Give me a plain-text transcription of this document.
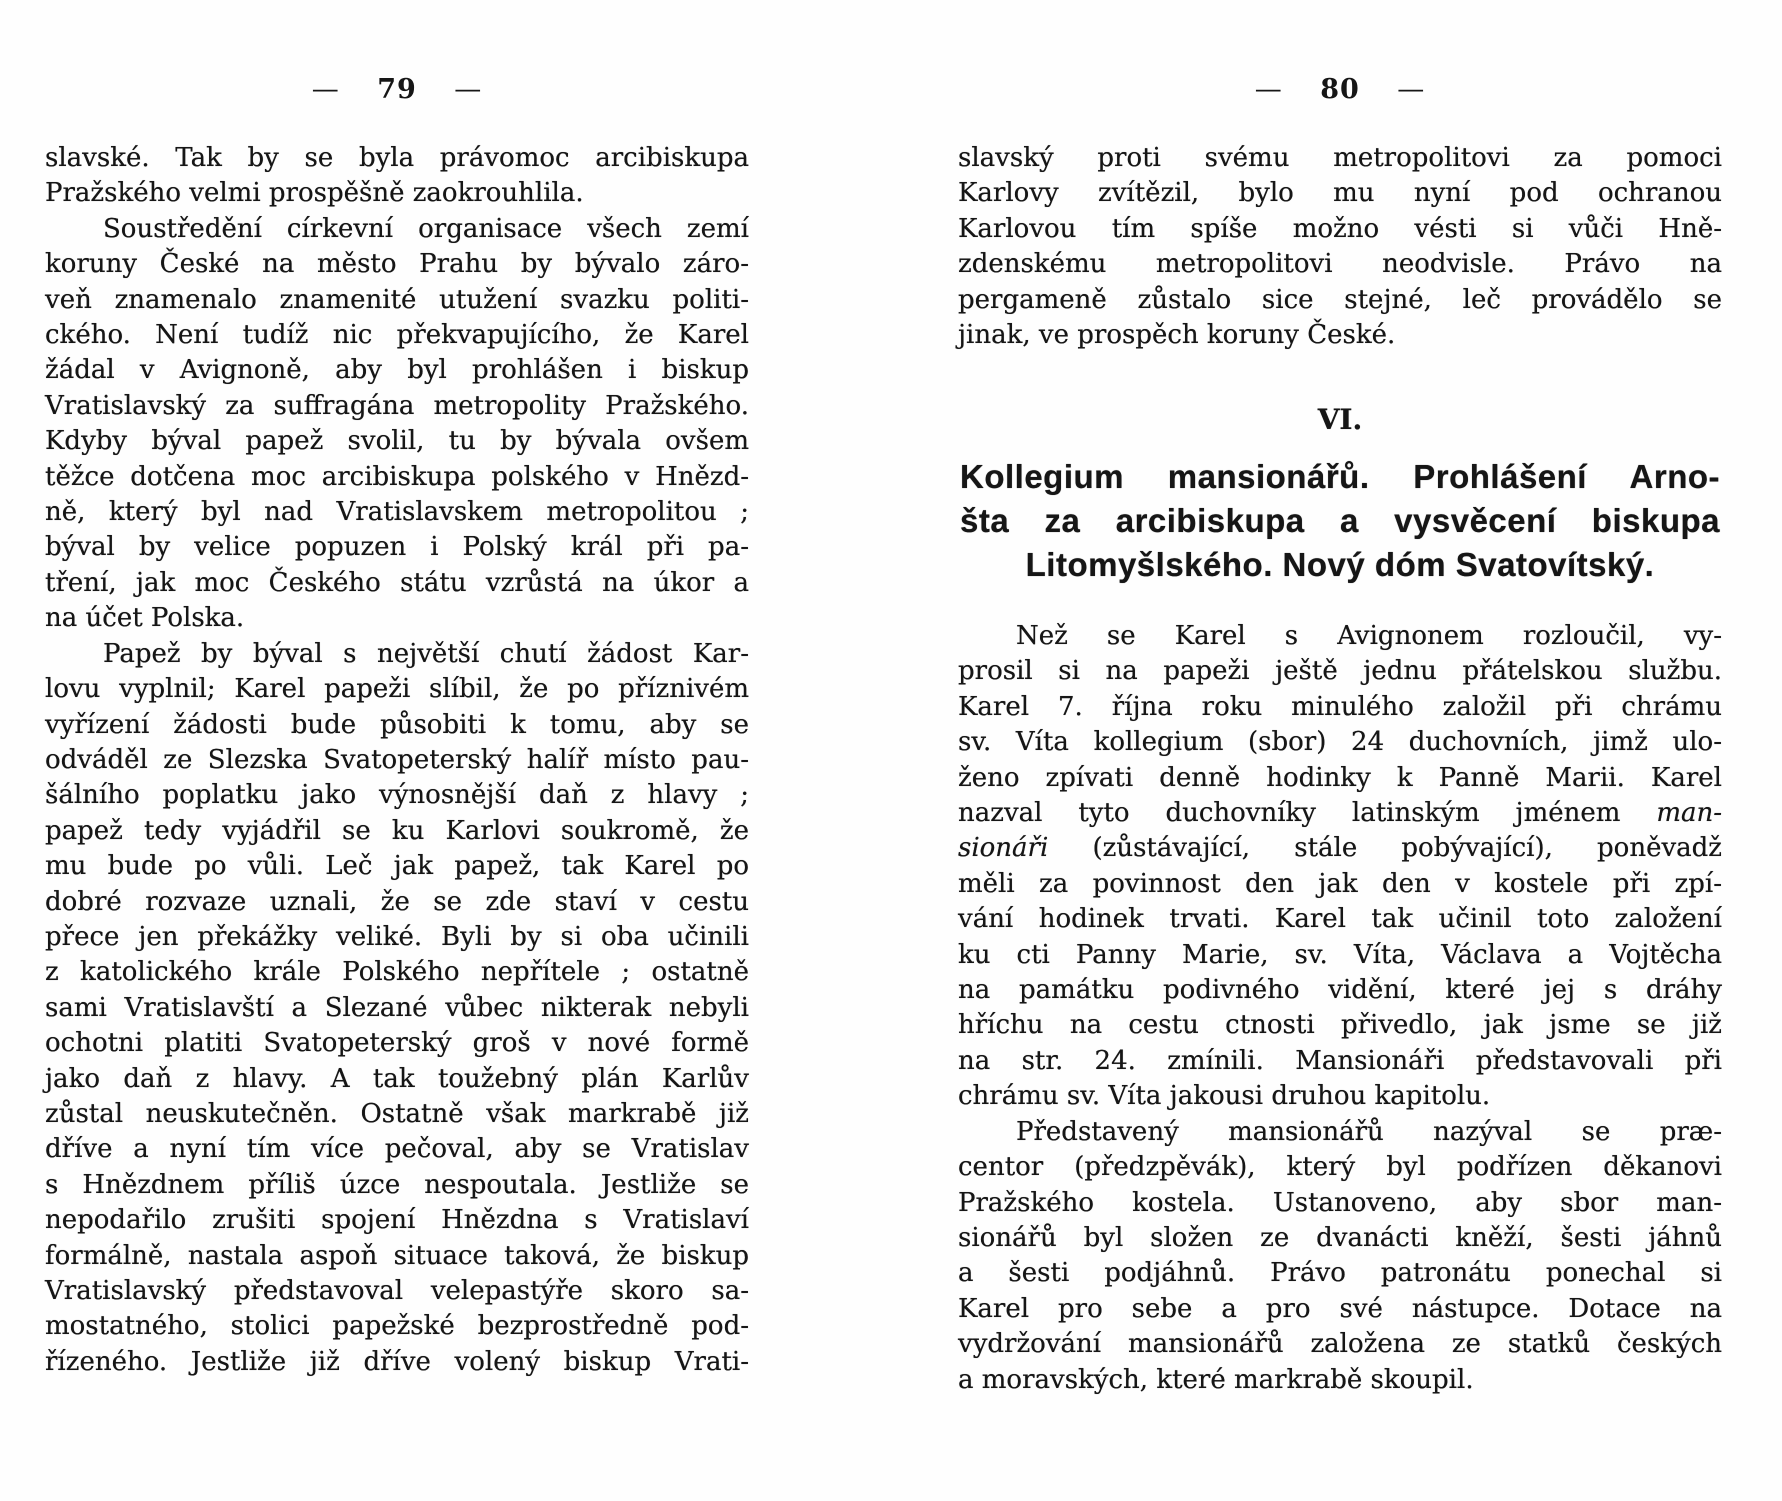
— 79 —
slavské. Tak by se byla právomoc arcibiskupa
Pražského velmi prospěšně zaokrouhlila.
Soustředění církevní organisace všech zemí
koruny České na město Prahu by bývalo záro-
veň znamenalo znamenité utužení svazku politi-
ckého. Není tudíž nic překvapujícího, že Karel
žádal v Avignoně, aby byl prohlášen i biskup
Vratislavský za suffragána metropolity Pražského.
Kdyby býval papež svolil, tu by bývala ovšem
těžce dotčena moc arcibiskupa polského v Hnězd-
ně, který byl nad Vratislavskem metropolitou ;
býval by velice popuzen i Polský král při pa-
tření, jak moc Českého státu vzrůstá na úkor a
na účet Polska.
Papež by býval s největší chutí žádost Kar-
lovu vyplnil; Karel papeži slíbil, že po příznivém
vyřízení žádosti bude působiti k tomu, aby se
odváděl ze Slezska Svatopeterský halíř místo pau-
šálního poplatku jako výnosnější daň z hlavy ;
papež tedy vyjádřil se ku Karlovi soukromě, že
mu bude po vůli. Leč jak papež, tak Karel po
dobré rozvaze uznali, že se zde staví v cestu
přece jen překážky veliké. Byli by si oba učinili
z katolického krále Polského nepřítele ; ostatně
sami Vratislavští a Slezané vůbec nikterak nebyli
ochotni platiti Svatopeterský groš v nové formě
jako daň z hlavy. A tak toužebný plán Karlův
zůstal neuskutečněn. Ostatně však markrabě již
dříve a nyní tím více pečoval, aby se Vratislav
s Hnězdnem příliš úzce nespoutala. Jestliže se
nepodařilo zrušiti spojení Hnězdna s Vratislaví
formálně, nastala aspoň situace taková, že biskup
Vratislavský představoval velepastýře skoro sa-
mostatného, stolici papežské bezprostředně pod-
řízeného. Jestliže již dříve volený biskup Vrati-
— 80 —
slavský proti svému metropolitovi za pomoci
Karlovy zvítězil, bylo mu nyní pod ochranou
Karlovou tím spíše možno vésti si vůči Hně-
zdenskému metropolitovi neodvisle. Právo na
pergameně zůstalo sice stejné, leč provádělo se
jinak, ve prospěch koruny České.
VI.
Kollegium mansionářů. Prohlášení Arno-
šta za arcibiskupa a vysvěcení biskupa
Litomyšlského. Nový dóm Svatovítský.
Než se Karel s Avignonem rozloučil, vy-
prosil si na papeži ještě jednu přátelskou službu.
Karel 7. října roku minulého založil při chrámu
sv. Víta kollegium (sbor) 24 duchovních, jimž ulo-
ženo zpívati denně hodinky k Panně Marii. Karel
nazval tyto duchovníky latinským jménem man-
sionáři (zůstávající, stále pobývající), poněvadž
měli za povinnost den jak den v kostele při zpí-
vání hodinek trvati. Karel tak učinil toto založení
ku cti Panny Marie, sv. Víta, Václava a Vojtěcha
na památku podivného vidění, které jej s dráhy
hříchu na cestu ctnosti přivedlo, jak jsme se již
na str. 24. zmínili. Mansionáři představovali při
chrámu sv. Víta jakousi druhou kapitolu.
Představený mansionářů nazýval se præ-
centor (předzpěvák), který byl podřízen děkanovi
Pražského kostela. Ustanoveno, aby sbor man-
sionářů byl složen ze dvanácti kněží, šesti jáhnů
a šesti podjáhnů. Právo patronátu ponechal si
Karel pro sebe a pro své nástupce. Dotace na
vydržování mansionářů založena ze statků českých
a moravských, které markrabě skoupil.
